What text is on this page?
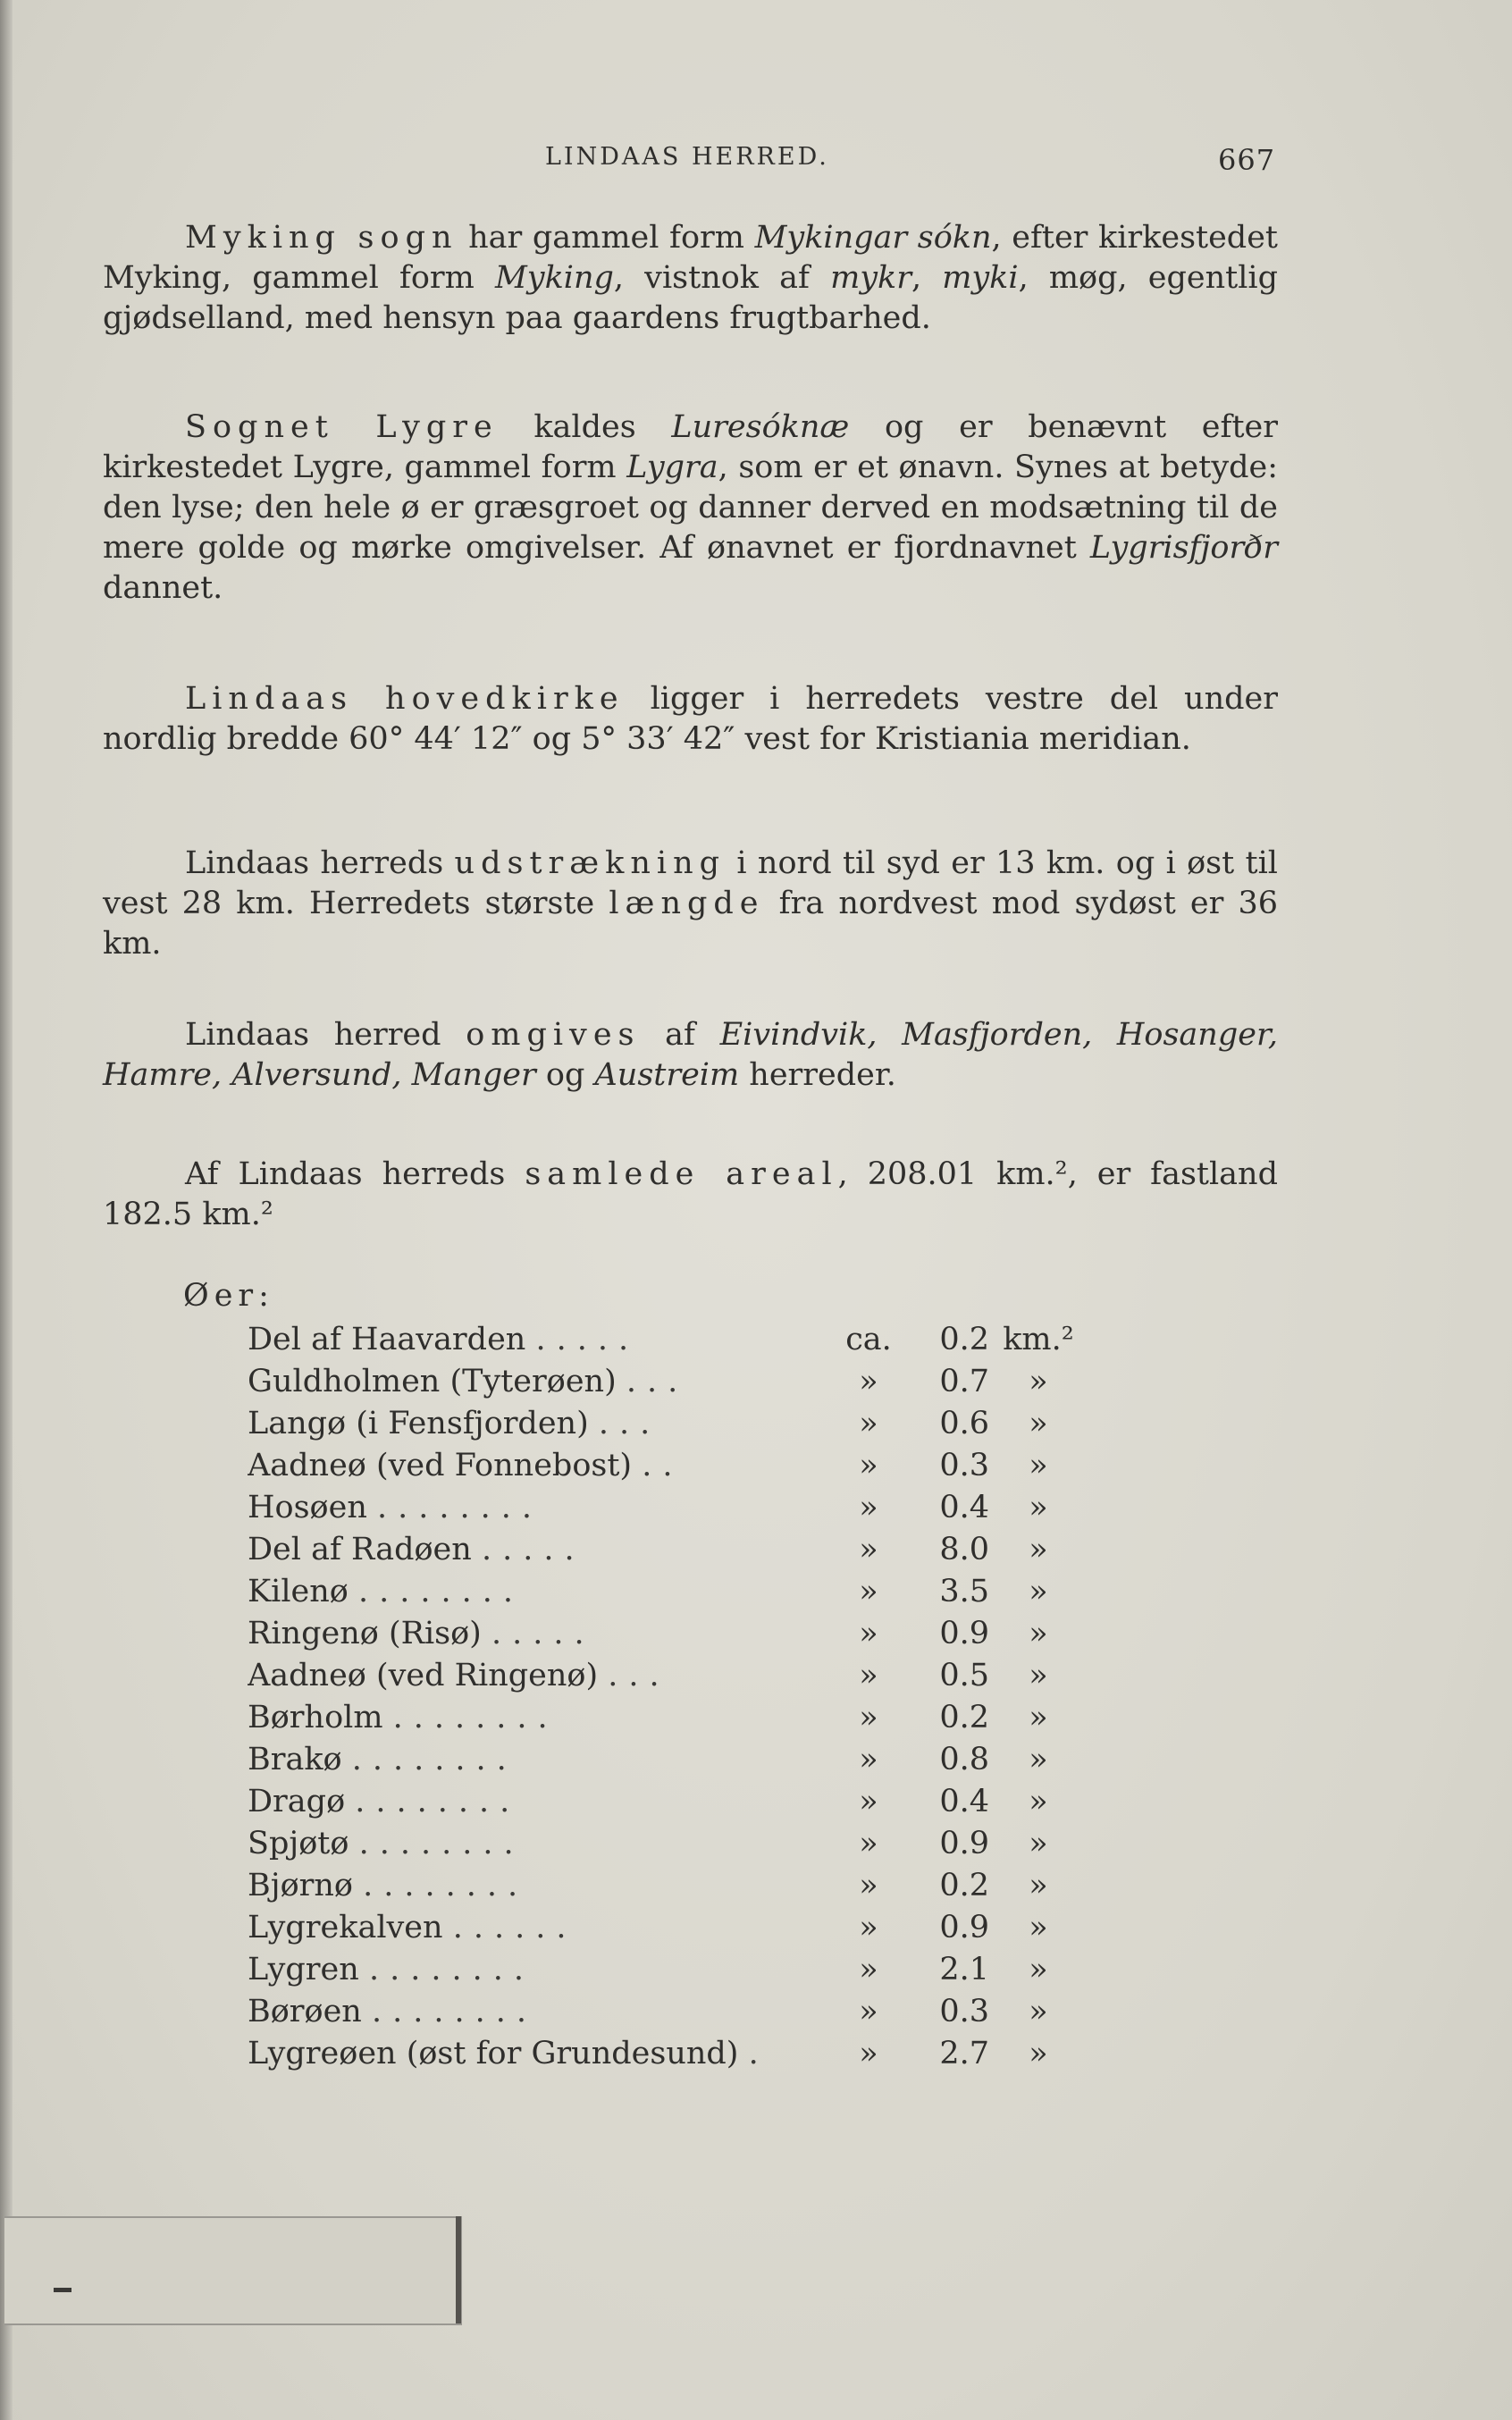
LINDAAS HERRED.	667

Myking sogn har gammel form Mykingar sókn, efter kirkestedet Myking, gammel form Myking, vistnok af mykr, myki, møg, egentlig gjødselland, med hensyn paa gaardens frugtbarhed.

Sognet Lygre kaldes Luresóknæ og er benævnt efter kirkestedet Lygre, gammel form Lygra, som er et ønavn. Synes at betyde: den lyse; den hele ø er græsgroet og danner derved en modsætning til de mere golde og mørke omgivelser. Af ønavnet er fjordnavnet Lygrisfjorðr dannet.

Lindaas hovedkirke ligger i herredets vestre del under nordlig bredde 60° 44′ 12″ og 5° 33′ 42″ vest for Kristiania meridian.

Lindaas herreds udstrækning i nord til syd er 13 km. og i øst til vest 28 km. Herredets største længde fra nordvest mod sydøst er 36 km.

Lindaas herred omgives af Eivindvik, Masfjorden, Hosanger, Hamre, Alversund, Manger og Austreim herreder.

Af Lindaas herreds samlede areal, 208.01 km.², er fastland 182.5 km.²

Øer:
Del af Haavarden .....	ca.	0.2	km.²
Guldholmen (Tyterøen) ...	»	0.7	»
Langø (i Fensfjorden) ...	»	0.6	»
Aadneø (ved Fonnebost) ..	»	0.3	»
Hosøen ........	»	0.4	»
Del af Radøen .....	»	8.0	»
Kilenø ........	»	3.5	»
Ringenø (Risø) .....	»	0.9	»
Aadneø (ved Ringenø) ...	»	0.5	»
Børholm ........	»	0.2	»
Brakø ........	»	0.8	»
Dragø ........	»	0.4	»
Spjøtø ........	»	0.9	»
Bjørnø ........	»	0.2	»
Lygrekalven ......	»	0.9	»
Lygren ........	»	2.1	»
Børøen ........	»	0.3	»
Lygreøen (øst for Grundesund) .	»	2.7	»
